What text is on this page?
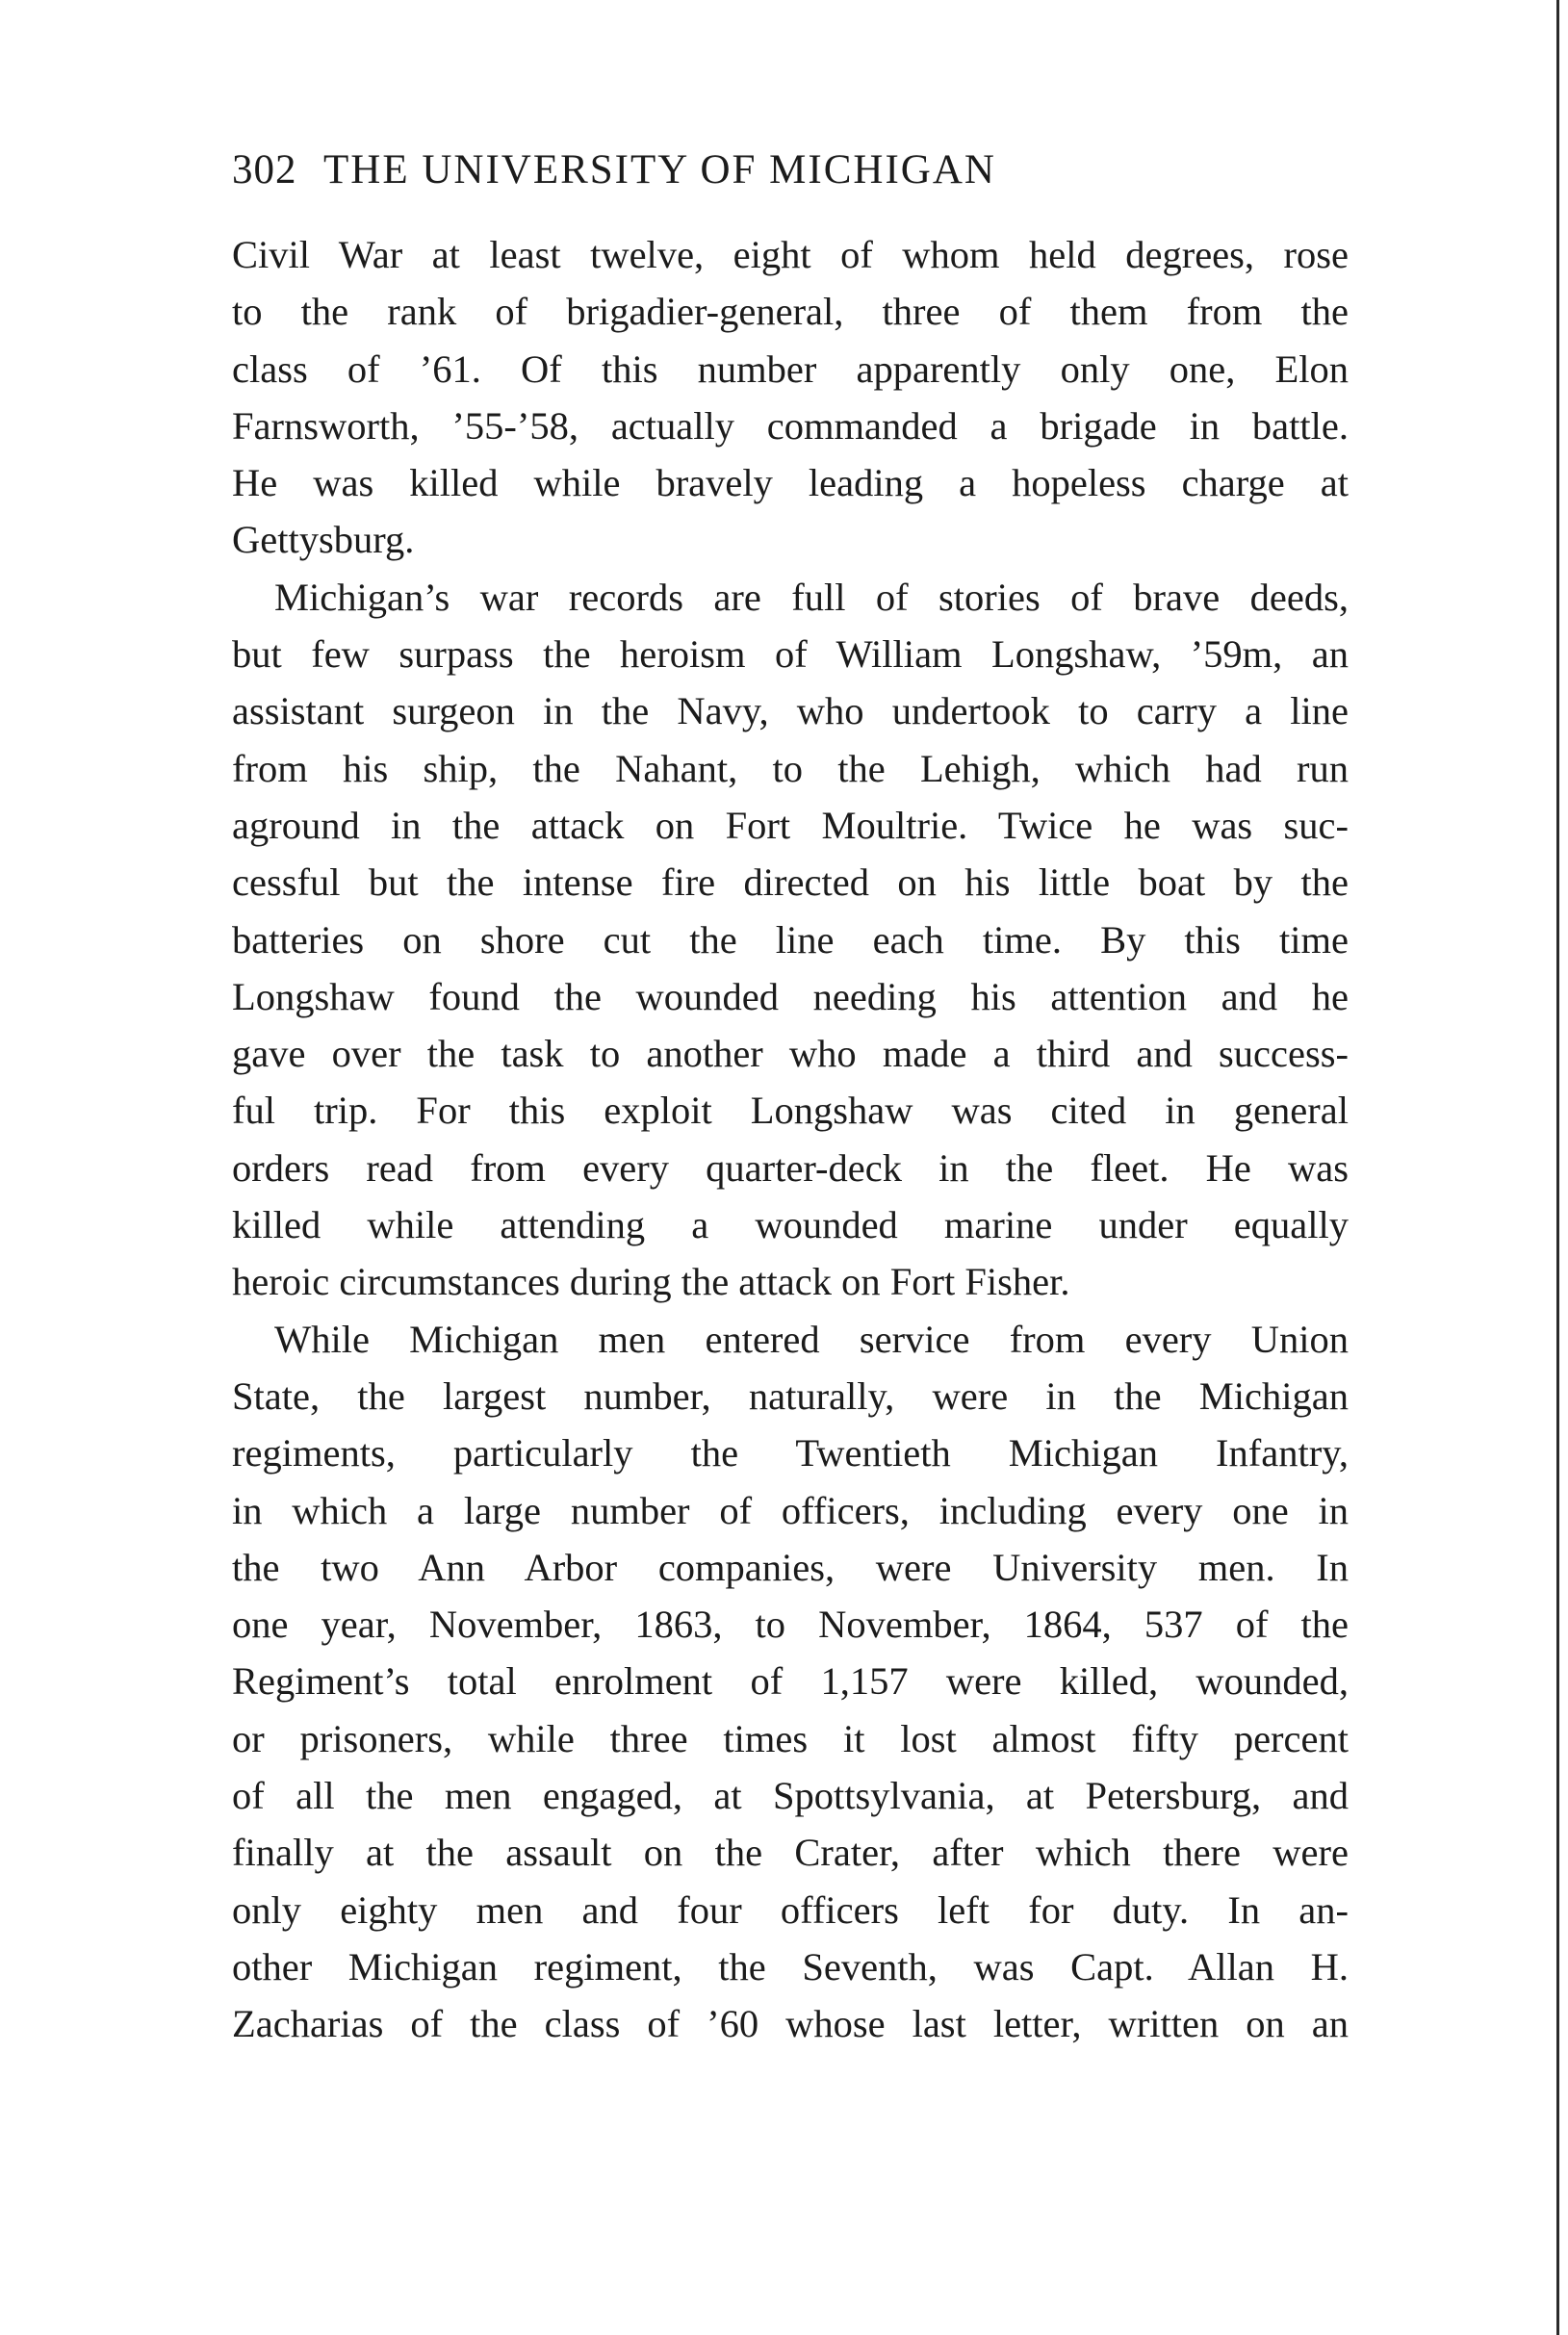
302 THE UNIVERSITY OF MICHIGAN
Civil War at least twelve, eight of whom held degrees, rose
to the rank of brigadier-general, three of them from the
class of ’61. Of this number apparently only one, Elon
Farnsworth, ’55-’58, actually commanded a brigade in battle.
He was killed while bravely leading a hopeless charge at
Gettysburg.
Michigan’s war records are full of stories of brave deeds,
but few surpass the heroism of William Longshaw, ’59m, an
assistant surgeon in the Navy, who undertook to carry a line
from his ship, the Nahant, to the Lehigh, which had run
aground in the attack on Fort Moultrie. Twice he was suc-
cessful but the intense fire directed on his little boat by the
batteries on shore cut the line each time. By this time
Longshaw found the wounded needing his attention and he
gave over the task to another who made a third and success-
ful trip. For this exploit Longshaw was cited in general
orders read from every quarter-deck in the fleet. He was
killed while attending a wounded marine under equally
heroic circumstances during the attack on Fort Fisher.
While Michigan men entered service from every Union
State, the largest number, naturally, were in the Michigan
regiments, particularly the Twentieth Michigan Infantry,
in which a large number of officers, including every one in
the two Ann Arbor companies, were University men. In
one year, November, 1863, to November, 1864, 537 of the
Regiment’s total enrolment of 1,157 were killed, wounded,
or prisoners, while three times it lost almost fifty percent
of all the men engaged, at Spottsylvania, at Petersburg, and
finally at the assault on the Crater, after which there were
only eighty men and four officers left for duty. In an-
other Michigan regiment, the Seventh, was Capt. Allan H.
Zacharias of the class of ’60 whose last letter, written on an
